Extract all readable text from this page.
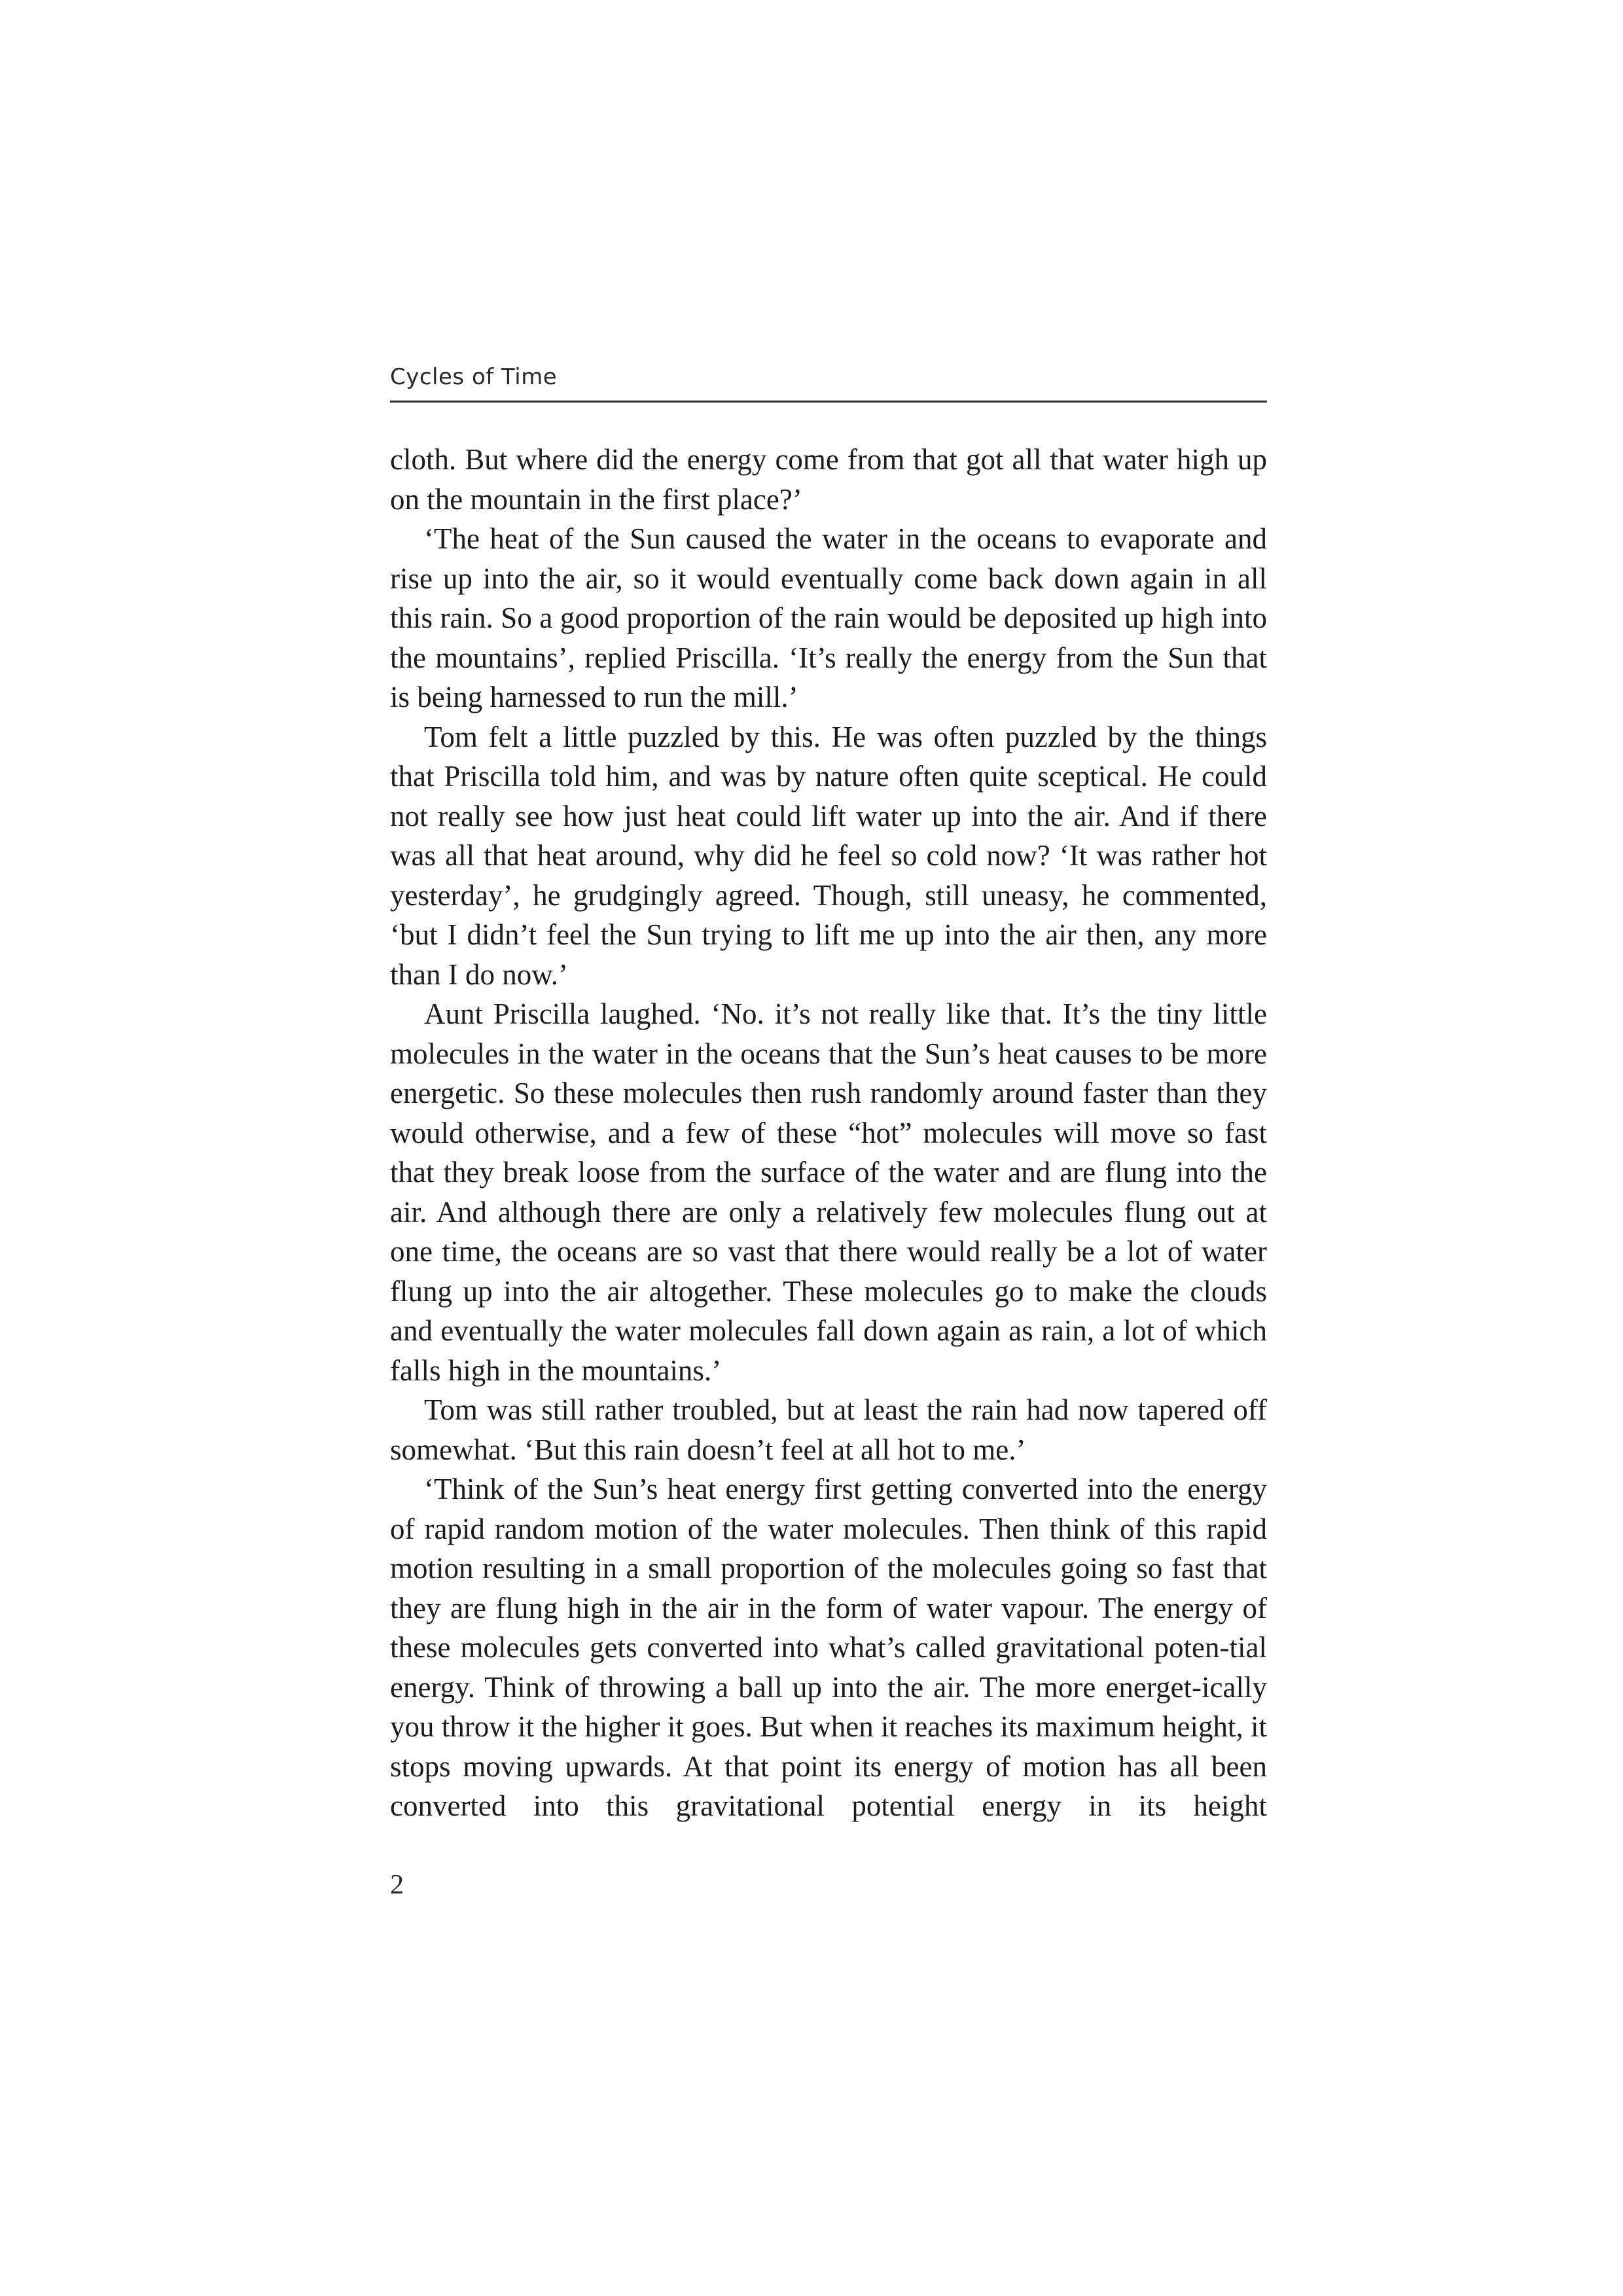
Cycles of Time

cloth. But where did the energy come from that got all that water high up on the mountain in the first place?’

‘The heat of the Sun caused the water in the oceans to evaporate and rise up into the air, so it would eventually come back down again in all this rain. So a good proportion of the rain would be deposited up high into the mountains’, replied Priscilla. ‘It’s really the energy from the Sun that is being harnessed to run the mill.’

Tom felt a little puzzled by this. He was often puzzled by the things that Priscilla told him, and was by nature often quite sceptical. He could not really see how just heat could lift water up into the air. And if there was all that heat around, why did he feel so cold now? ‘It was rather hot yesterday’, he grudgingly agreed. Though, still uneasy, he commented, ‘but I didn’t feel the Sun trying to lift me up into the air then, any more than I do now.’

Aunt Priscilla laughed. ‘No. it’s not really like that. It’s the tiny little molecules in the water in the oceans that the Sun’s heat causes to be more energetic. So these molecules then rush randomly around faster than they would otherwise, and a few of these “hot” molecules will move so fast that they break loose from the surface of the water and are flung into the air. And although there are only a relatively few molecules flung out at one time, the oceans are so vast that there would really be a lot of water flung up into the air altogether. These molecules go to make the clouds and eventually the water molecules fall down again as rain, a lot of which falls high in the mountains.’

Tom was still rather troubled, but at least the rain had now tapered off somewhat. ‘But this rain doesn’t feel at all hot to me.’

‘Think of the Sun’s heat energy first getting converted into the energy of rapid random motion of the water molecules. Then think of this rapid motion resulting in a small proportion of the molecules going so fast that they are flung high in the air in the form of water vapour. The energy of these molecules gets converted into what’s called gravitational poten-tial energy. Think of throwing a ball up into the air. The more energet-ically you throw it the higher it goes. But when it reaches its maximum height, it stops moving upwards. At that point its energy of motion has all been converted into this gravitational potential energy in its height

2
